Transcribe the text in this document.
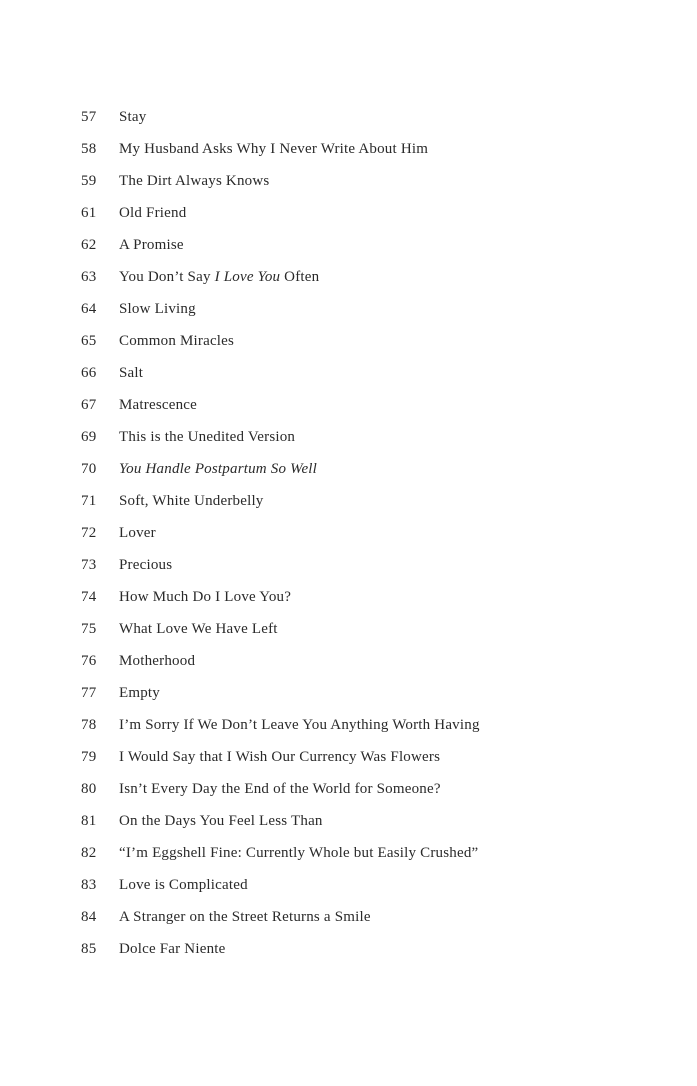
57	Stay
58	My Husband Asks Why I Never Write About Him
59	The Dirt Always Knows
61	Old Friend
62	A Promise
63	You Don’t Say I Love You Often
64	Slow Living
65	Common Miracles
66	Salt
67	Matrescence
69	This is the Unedited Version
70	You Handle Postpartum So Well
71	Soft, White Underbelly
72	Lover
73	Precious
74	How Much Do I Love You?
75	What Love We Have Left
76	Motherhood
77	Empty
78	I’m Sorry If We Don’t Leave You Anything Worth Having
79	I Would Say that I Wish Our Currency Was Flowers
80	Isn’t Every Day the End of the World for Someone?
81	On the Days You Feel Less Than
82	“I’m Eggshell Fine: Currently Whole but Easily Crushed”
83	Love is Complicated
84	A Stranger on the Street Returns a Smile
85	Dolce Far Niente
